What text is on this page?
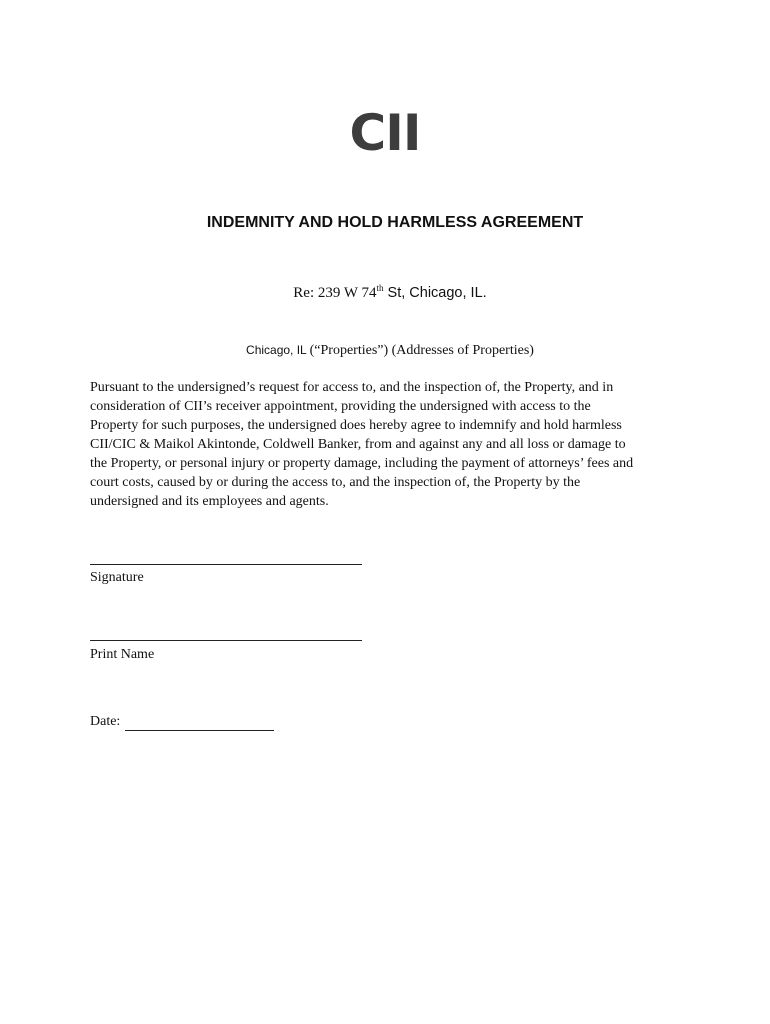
CII
INDEMNITY AND HOLD HARMLESS AGREEMENT
Re: 239 W 74th St, Chicago, IL.
Chicago, IL (“Properties”) (Addresses of Properties)
Pursuant to the undersigned’s request for access to, and the inspection of, the Property, and in
consideration of CII’s receiver appointment, providing the undersigned with access to the
Property for such purposes, the undersigned does hereby agree to indemnify and hold harmless
CII/CIC & Maikol Akintonde, Coldwell Banker, from and against any and all loss or damage to
the Property, or personal injury or property damage, including the payment of attorneys’ fees and
court costs, caused by or during the access to, and the inspection of, the Property by the
undersigned and its employees and agents.
Signature
Print Name
Date:
